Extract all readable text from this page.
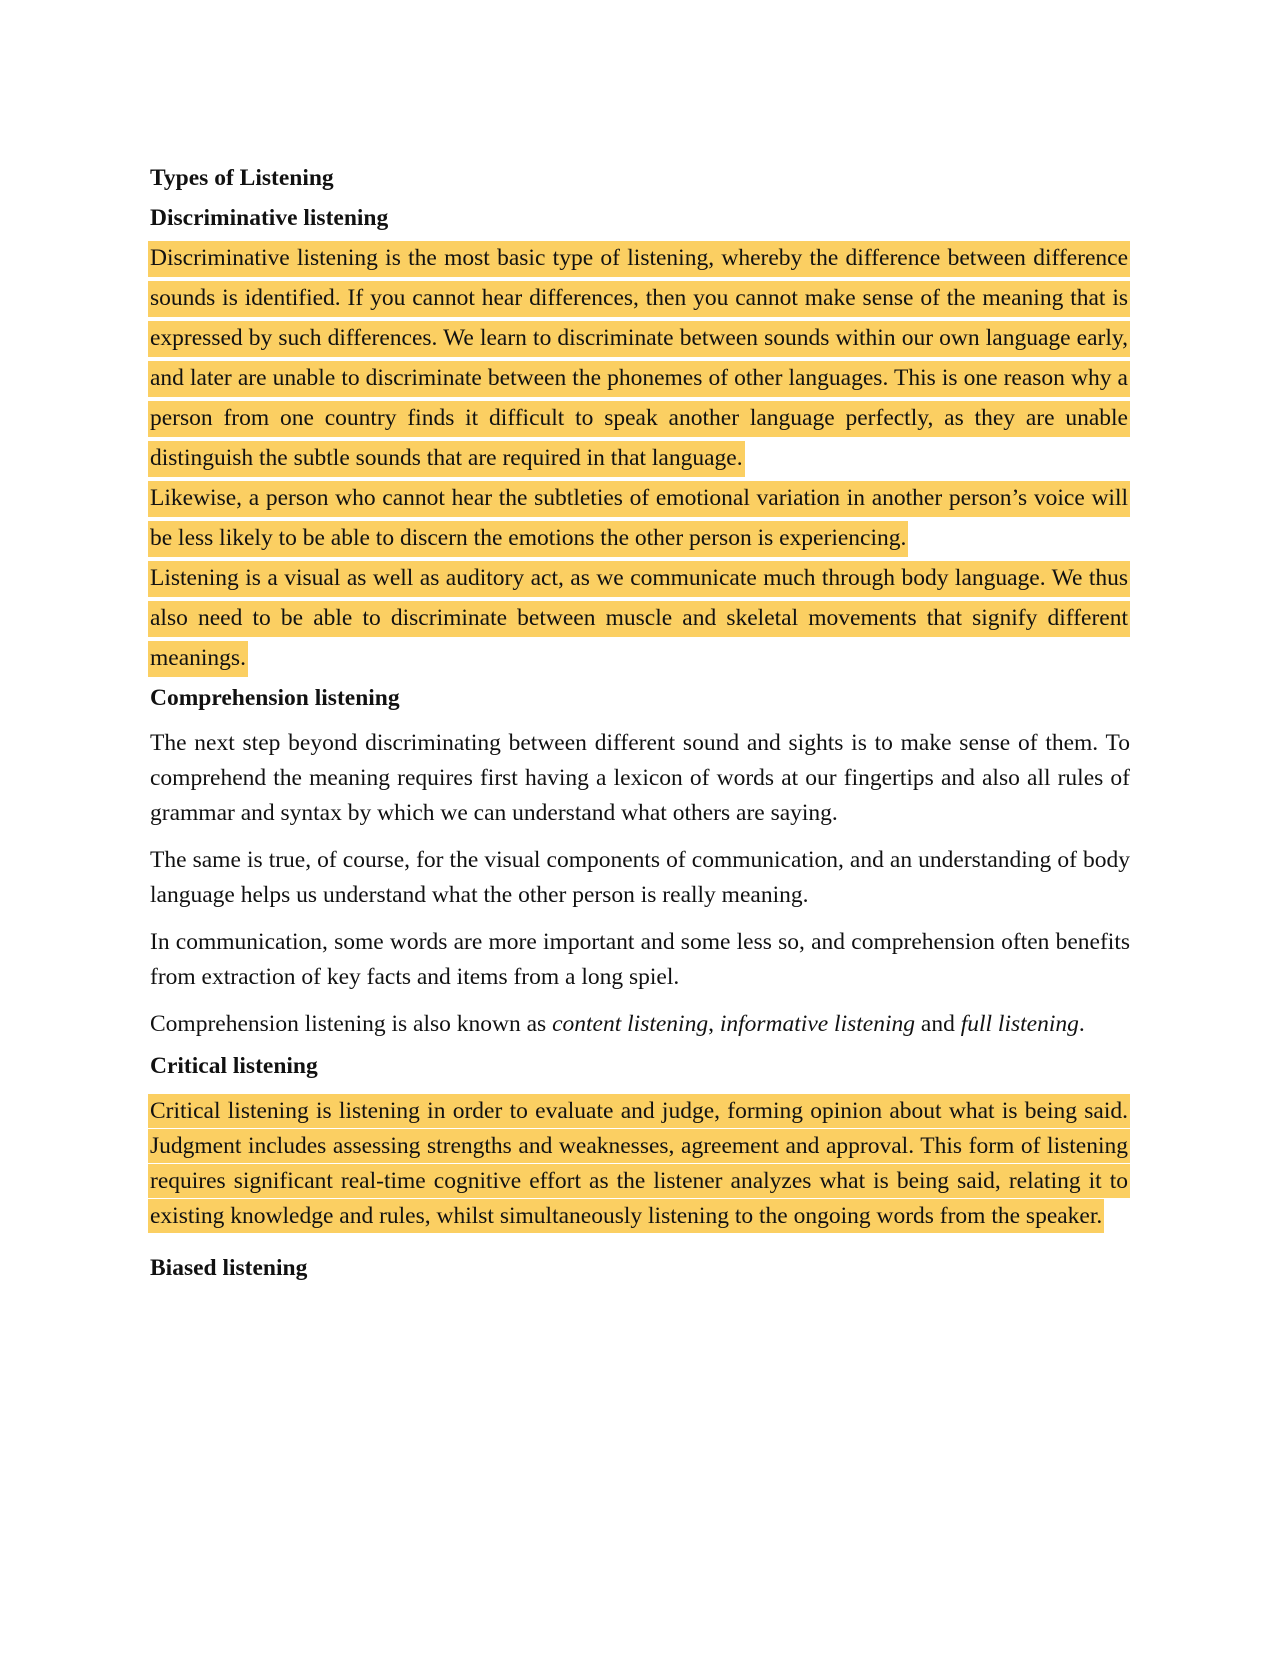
Types of Listening

Discriminative listening

Discriminative listening is the most basic type of listening, whereby the difference between difference sounds is identified. If you cannot hear differences, then you cannot make sense of the meaning that is expressed by such differences. We learn to discriminate between sounds within our own language early, and later are unable to discriminate between the phonemes of other languages. This is one reason why a person from one country finds it difficult to speak another language perfectly, as they are unable distinguish the subtle sounds that are required in that language.

Likewise, a person who cannot hear the subtleties of emotional variation in another person’s voice will be less likely to be able to discern the emotions the other person is experiencing.

Listening is a visual as well as auditory act, as we communicate much through body language. We thus also need to be able to discriminate between muscle and skeletal movements that signify different meanings.

Comprehension listening

The next step beyond discriminating between different sound and sights is to make sense of them. To comprehend the meaning requires first having a lexicon of words at our fingertips and also all rules of grammar and syntax by which we can understand what others are saying.

The same is true, of course, for the visual components of communication, and an understanding of body language helps us understand what the other person is really meaning.

In communication, some words are more important and some less so, and comprehension often benefits from extraction of key facts and items from a long spiel.

Comprehension listening is also known as content listening, informative listening and full listening.

Critical listening

Critical listening is listening in order to evaluate and judge, forming opinion about what is being said. Judgment includes assessing strengths and weaknesses, agreement and approval. This form of listening requires significant real-time cognitive effort as the listener analyzes what is being said, relating it to existing knowledge and rules, whilst simultaneously listening to the ongoing words from the speaker.

Biased listening
